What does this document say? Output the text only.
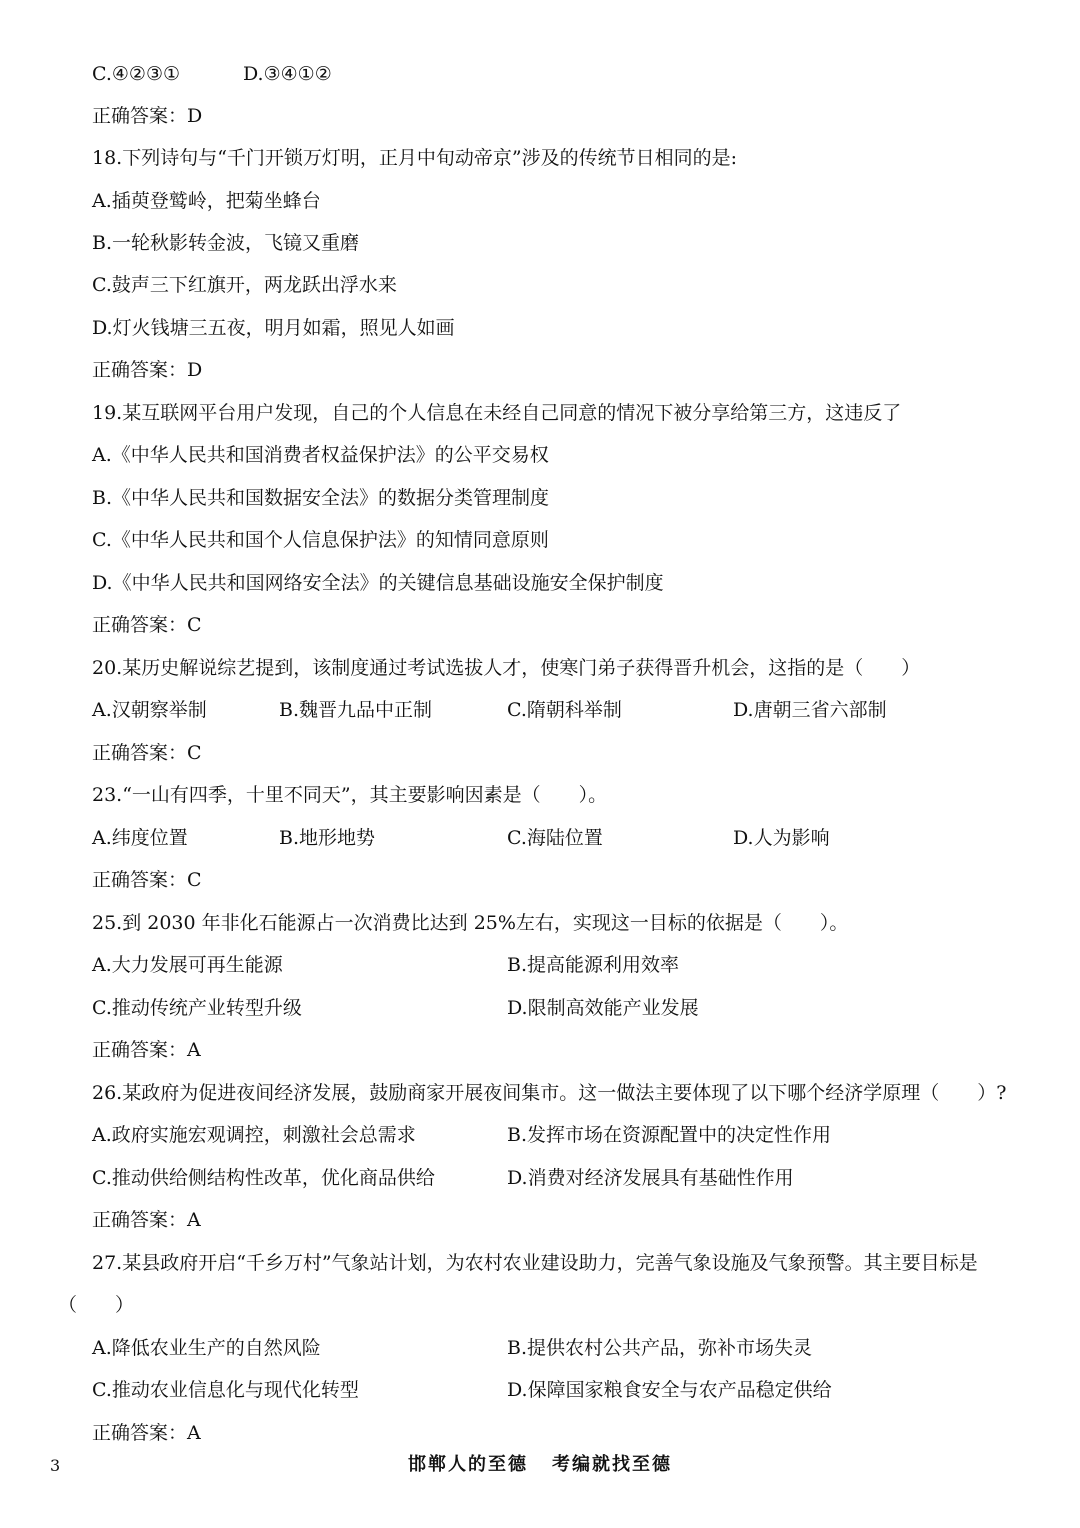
C.④②③①	D.③④①②
正确答案：D
18.下列诗句与“千门开锁万灯明，正月中旬动帝京”涉及的传统节日相同的是:
A.插萸登鹫岭，把菊坐蜂台
B.一轮秋影转金波，飞镜又重磨
C.鼓声三下红旗开，两龙跃出浮水来
D.灯火钱塘三五夜，明月如霜，照见人如画
正确答案：D
19.某互联网平台用户发现，自己的个人信息在未经自己同意的情况下被分享给第三方，这违反了
A.《中华人民共和国消费者权益保护法》的公平交易权
B.《中华人民共和国数据安全法》的数据分类管理制度
C.《中华人民共和国个人信息保护法》的知情同意原则
D.《中华人民共和国网络安全法》的关键信息基础设施安全保护制度
正确答案：C
20.某历史解说综艺提到，该制度通过考试选拔人才，使寒门弟子获得晋升机会，这指的是（　　）
A.汉朝察举制	B.魏晋九品中正制	C.隋朝科举制	D.唐朝三省六部制
正确答案：C
23.“一山有四季，十里不同天”，其主要影响因素是（　　）。
A.纬度位置	B.地形地势	C.海陆位置	D.人为影响
正确答案：C
25.到 2030 年非化石能源占一次消费比达到 25%左右，实现这一目标的依据是（　　）。
A.大力发展可再生能源	B.提高能源利用效率
C.推动传统产业转型升级	D.限制高效能产业发展
正确答案：A
26.某政府为促进夜间经济发展，鼓励商家开展夜间集市。这一做法主要体现了以下哪个经济学原理（　　）?
A.政府实施宏观调控，刺激社会总需求	B.发挥市场在资源配置中的决定性作用
C.推动供给侧结构性改革，优化商品供给	D.消费对经济发展具有基础性作用
正确答案：A
27.某县政府开启“千乡万村”气象站计划，为农村农业建设助力，完善气象设施及气象预警。其主要目标是
（　　）
A.降低农业生产的自然风险	B.提供农村公共产品，弥补市场失灵
C.推动农业信息化与现代化转型	D.保障国家粮食安全与农产品稳定供给
正确答案：A
3	邯郸人的至德 考编就找至德
